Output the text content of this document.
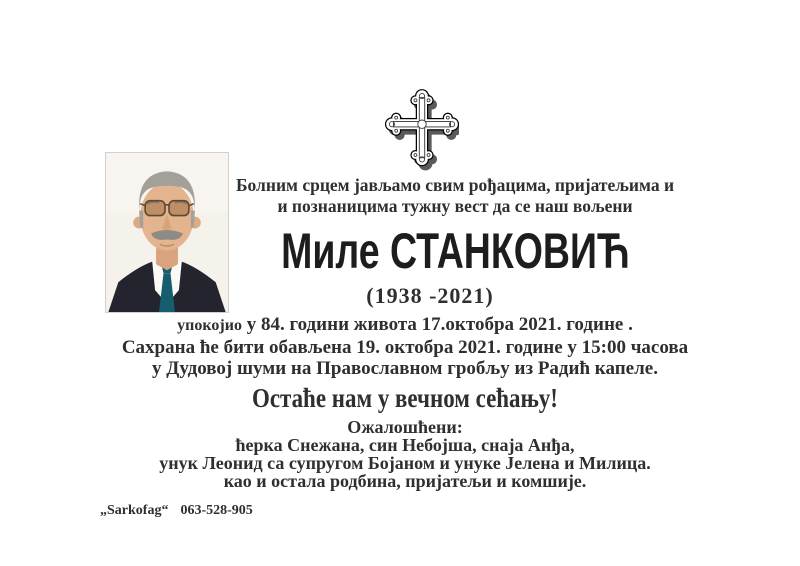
Болним срцем јављамо свим рођацима, пријатељима и
и познаницима тужну вест да се наш вољени
Миле СТАНКОВИЋ
(1938 -2021)
упокојио у 84. години живота 17.октобра 2021. године .
Сахрана ће бити обављена 19. октобра 2021. године у 15:00 часова
у Дудовој шуми на Православном гробљу из Радић капеле.
Остаће нам у вечном сећању!
Ожалошћени:
ћерка Снежана, син Небојша, снаја Анђа,
унук Леонид са супругом Бојаном и унуке Јелена и Милица.
као и остала родбина, пријатељи и комшије.
„Sarkofag“ 063-528-905
